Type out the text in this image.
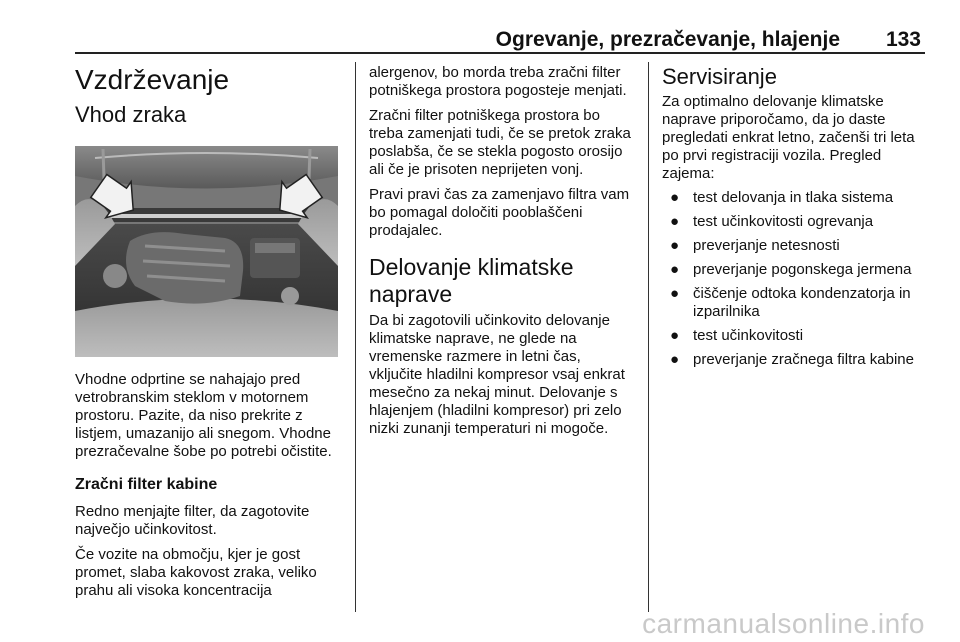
Ogrevanje, prezračevanje, hlajenje 133
Vzdrževanje
Vhod zraka

Vhodne odprtine se nahajajo pred vetrobranskim steklom v motornem prostoru. Pazite, da niso prekrite z listjem, umazanijo ali snegom. Vhodne prezračevalne šobe po potrebi očistite.

Zračni filter kabine

Redno menjajte filter, da zagotovite največjo učinkovitost.

Če vozite na območju, kjer je gost promet, slaba kakovost zraka, veliko prahu ali visoka koncentracija

alergenov, bo morda treba zračni filter potniškega prostora pogosteje menjati.

Zračni filter potniškega prostora bo treba zamenjati tudi, če se pretok zraka poslabša, če se stekla pogosto orosijo ali če je prisoten neprijeten vonj.

Pravi pravi čas za zamenjavo filtra vam bo pomagal določiti pooblaščeni prodajalec.

Delovanje klimatske naprave

Da bi zagotovili učinkovito delovanje klimatske naprave, ne glede na vremenske razmere in letni čas, vključite hladilni kompresor vsaj enkrat mesečno za nekaj minut. Delovanje s hlajenjem (hladilni kompresor) pri zelo nizki zunanji temperaturi ni mogoče.

Servisiranje

Za optimalno delovanje klimatske naprave priporočamo, da jo daste pregledati enkrat letno, začenši tri leta po prvi registraciji vozila. Pregled zajema:

● test delovanja in tlaka sistema
● test učinkovitosti ogrevanja
● preverjanje netesnosti
● preverjanje pogonskega jermena
● čiščenje odtoka kondenzatorja in izparilnika
● test učinkovitosti
● preverjanje zračnega filtra kabine
carmanualsonline.info
